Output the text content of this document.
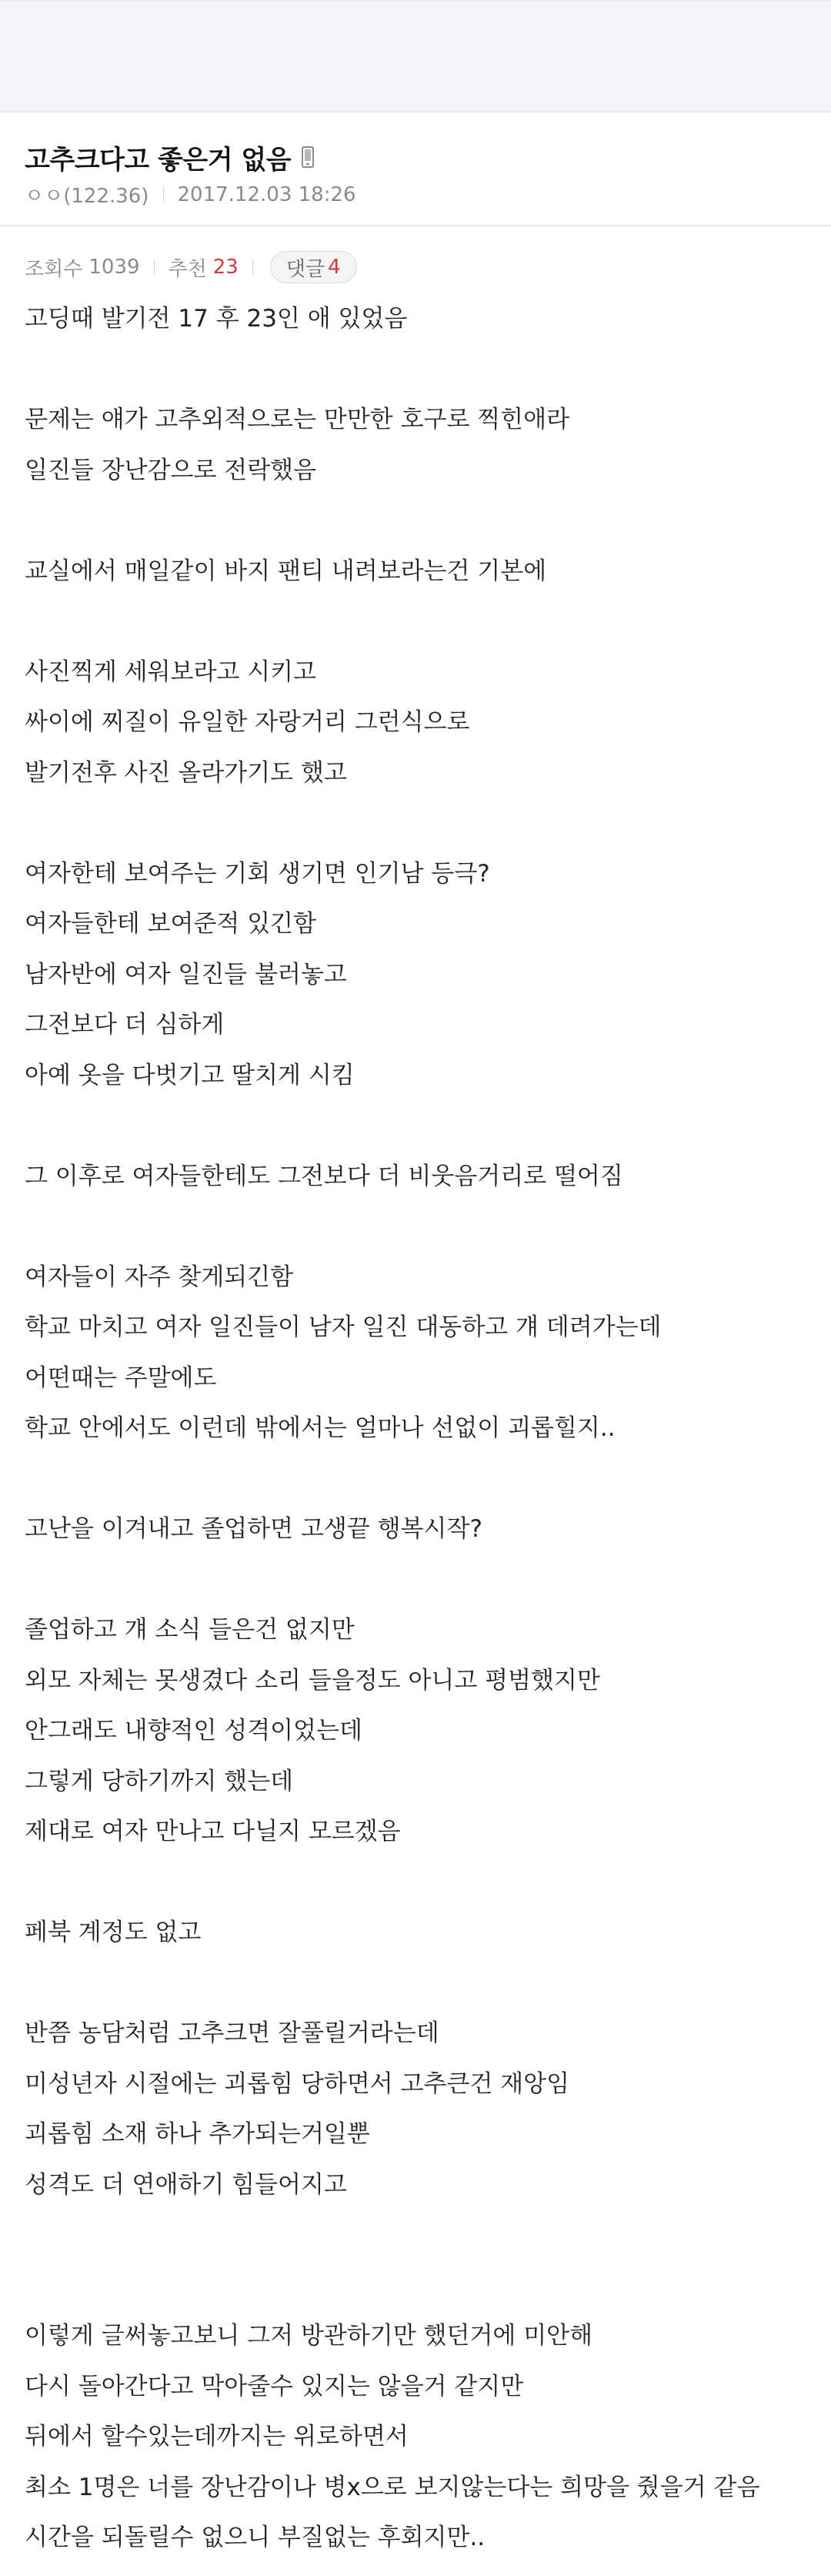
고추크다고 좋은거 없음
ㅇㅇ(122.36) 2017.12.03 18:26
조회수 1039 추천 23 댓글 4
고딩때 발기전 17 후 23인 애 있었음

문제는 얘가 고추외적으로는 만만한 호구로 찍힌애라
일진들 장난감으로 전락했음

교실에서 매일같이 바지 팬티 내려보라는건 기본에

사진찍게 세워보라고 시키고
싸이에 찌질이 유일한 자랑거리 그런식으로
발기전후 사진 올라가기도 했고

여자한테 보여주는 기회 생기면 인기남 등극?
여자들한테 보여준적 있긴함
남자반에 여자 일진들 불러놓고
그전보다 더 심하게
아예 옷을 다벗기고 딸치게 시킴

그 이후로 여자들한테도 그전보다 더 비웃음거리로 떨어짐

여자들이 자주 찾게되긴함
학교 마치고 여자 일진들이 남자 일진 대동하고 걔 데려가는데
어떤때는 주말에도
학교 안에서도 이런데 밖에서는 얼마나 선없이 괴롭힐지..

고난을 이겨내고 졸업하면 고생끝 행복시작?

졸업하고 걔 소식 들은건 없지만
외모 자체는 못생겼다 소리 들을정도 아니고 평범했지만
안그래도 내향적인 성격이었는데
그렇게 당하기까지 했는데
제대로 여자 만나고 다닐지 모르겠음

페북 계정도 없고

반쯤 농담처럼 고추크면 잘풀릴거라는데
미성년자 시절에는 괴롭힘 당하면서 고추큰건 재앙임
괴롭힘 소재 하나 추가되는거일뿐
성격도 더 연애하기 힘들어지고

이렇게 글써놓고보니 그저 방관하기만 했던거에 미안해
다시 돌아간다고 막아줄수 있지는 않을거 같지만
뒤에서 할수있는데까지는 위로하면서
최소 1명은 너를 장난감이나 병x으로 보지않는다는 희망을 줬을거 같음
시간을 되돌릴수 없으니 부질없는 후회지만..
